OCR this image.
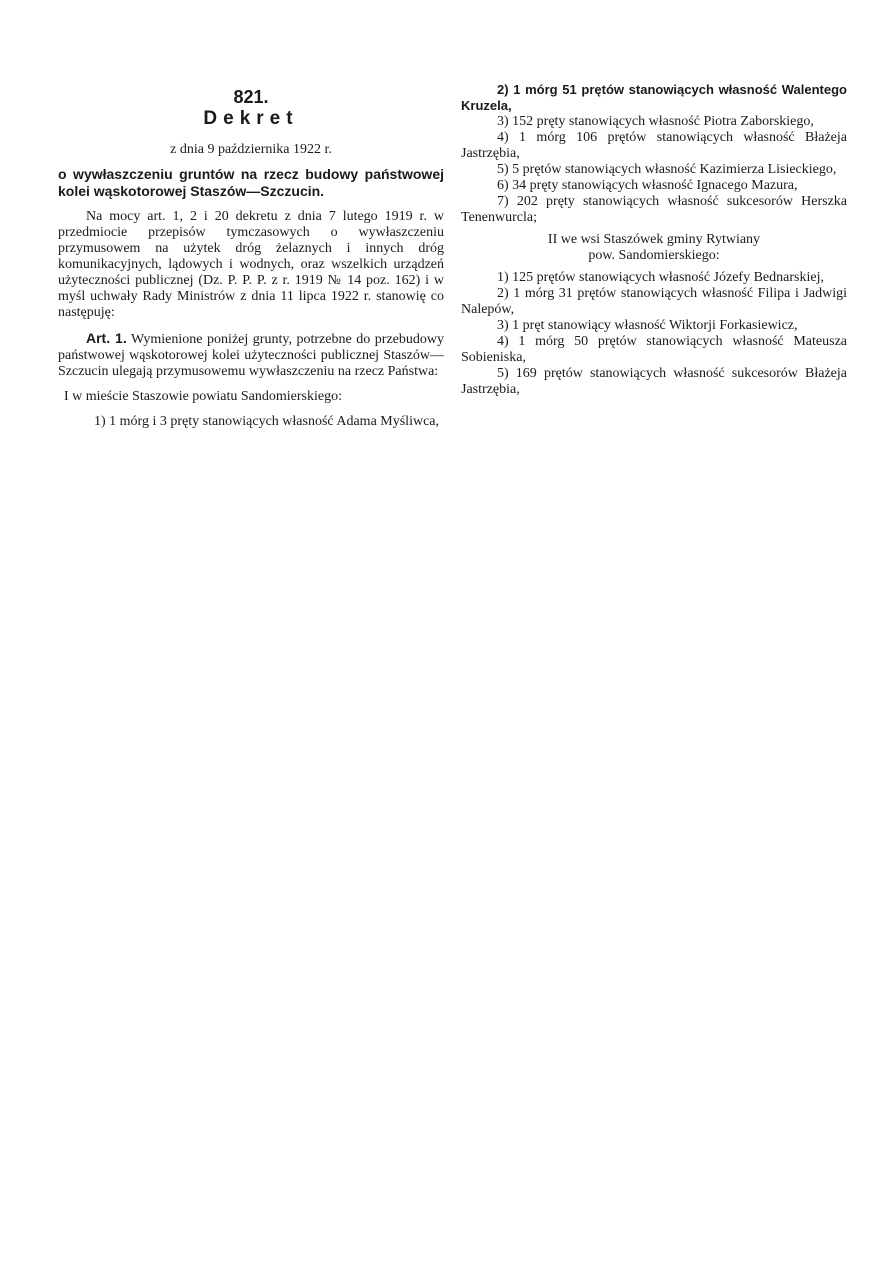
821.
Dekret
z dnia 9 października 1922 r.
o wywłaszczeniu gruntów na rzecz budowy państwowej kolei wąskotorowej Staszów—Szczucin.

Na mocy art. 1, 2 i 20 dekretu z dnia 7 lutego 1919 r. w przedmiocie przepisów tymczasowych o wywłaszczeniu przymusowem na użytek dróg żelaznych i innych dróg komunikacyjnych, lądowych i wodnych, oraz wszelkich urządzeń użyteczności publicznej (Dz. P. P. P. z r. 1919 № 14 poz. 162) i w myśl uchwały Rady Ministrów z dnia 11 lipca 1922 r. stanowię co następuję:

Art. 1. Wymienione poniżej grunty, potrzebne do przebudowy państwowej wąskotorowej kolei użyteczności publicznej Staszów—Szczucin ulegają przymusowemu wywłaszczeniu na rzecz Państwa:

I w mieście Staszowie powiatu Sandomierskiego:

1) 1 mórg i 3 pręty stanowiących własność Adama Myśliwca,

2) 1 mórg 51 prętów stanowiących własność Walentego Kruzela,

3) 152 pręty stanowiących własność Piotra Zaborskiego,

4) 1 mórg 106 prętów stanowiących własność Błażeja Jastrzębia,

5) 5 prętów stanowiących własność Kazimierza Lisieckiego,

6) 34 pręty stanowiących własność Ignacego Mazura,

7) 202 pręty stanowiących własność sukcesorów Herszka Tenenwurcla;

II we wsi Staszówek gminy Rytwiany
pow. Sandomierskiego:

1) 125 prętów stanowiących własność Józefy Bednarskiej,

2) 1 mórg 31 prętów stanowiących własność Filipa i Jadwigi Nalepów,

3) 1 pręt stanowiący własność Wiktorji Forkasiewicz,

4) 1 mórg 50 prętów stanowiących własność Mateusza Sobieniska,

5) 169 prętów stanowiących własność sukcesorów Błażeja Jastrzębia,
